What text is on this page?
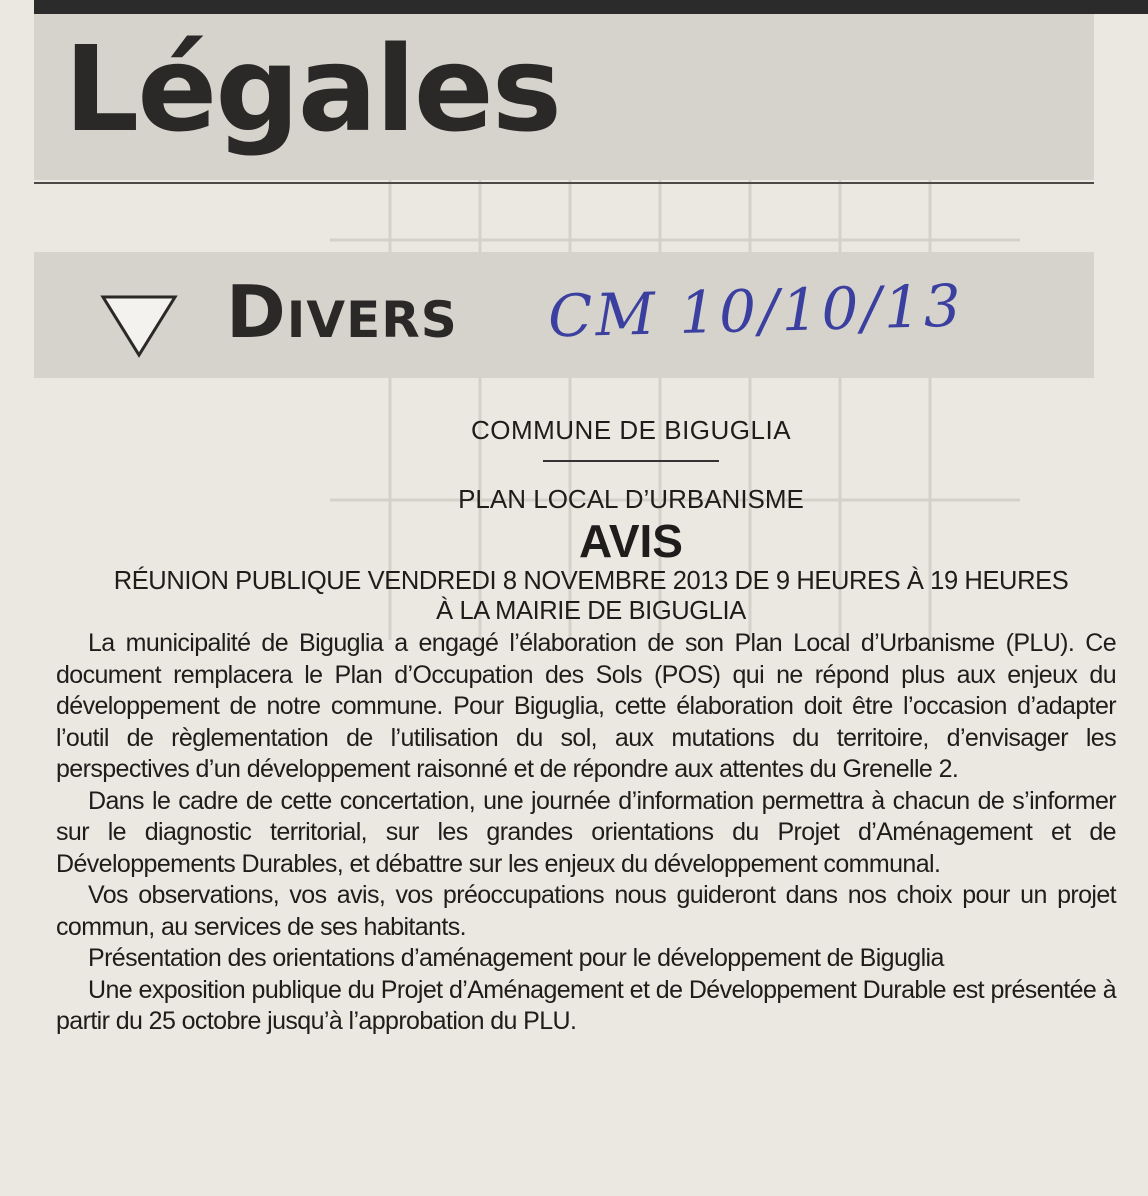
Légales
Divers CM 10/10/13

COMMUNE DE BIGUGLIA

PLAN LOCAL D’URBANISME

AVIS

RÉUNION PUBLIQUE VENDREDI 8 NOVEMBRE 2013 DE 9 HEURES À 19 HEURES

À LA MAIRIE DE BIGUGLIA

La municipalité de Biguglia a engagé l’élaboration de son Plan Local d’Urbanisme (PLU). Ce document remplacera le Plan d’Occupation des Sols (POS) qui ne répond plus aux enjeux du développement de notre commune. Pour Biguglia, cette élaboration doit être l’occasion d’adapter l’outil de règlementation de l’utilisation du sol, aux mutations du territoire, d’envisager les perspectives d’un développement raisonné et de répondre aux attentes du Grenelle 2.

Dans le cadre de cette concertation, une journée d’information permettra à chacun de s’informer sur le diagnostic territorial, sur les grandes orientations du Projet d’Aménagement et de Développements Durables, et débattre sur les enjeux du développement communal.

Vos observations, vos avis, vos préoccupations nous guideront dans nos choix pour un projet commun, au services de ses habitants.

Présentation des orientations d’aménagement pour le développement de Biguglia

Une exposition publique du Projet d’Aménagement et de Développement Durable est présentée à partir du 25 octobre jusqu’à l’approbation du PLU.
